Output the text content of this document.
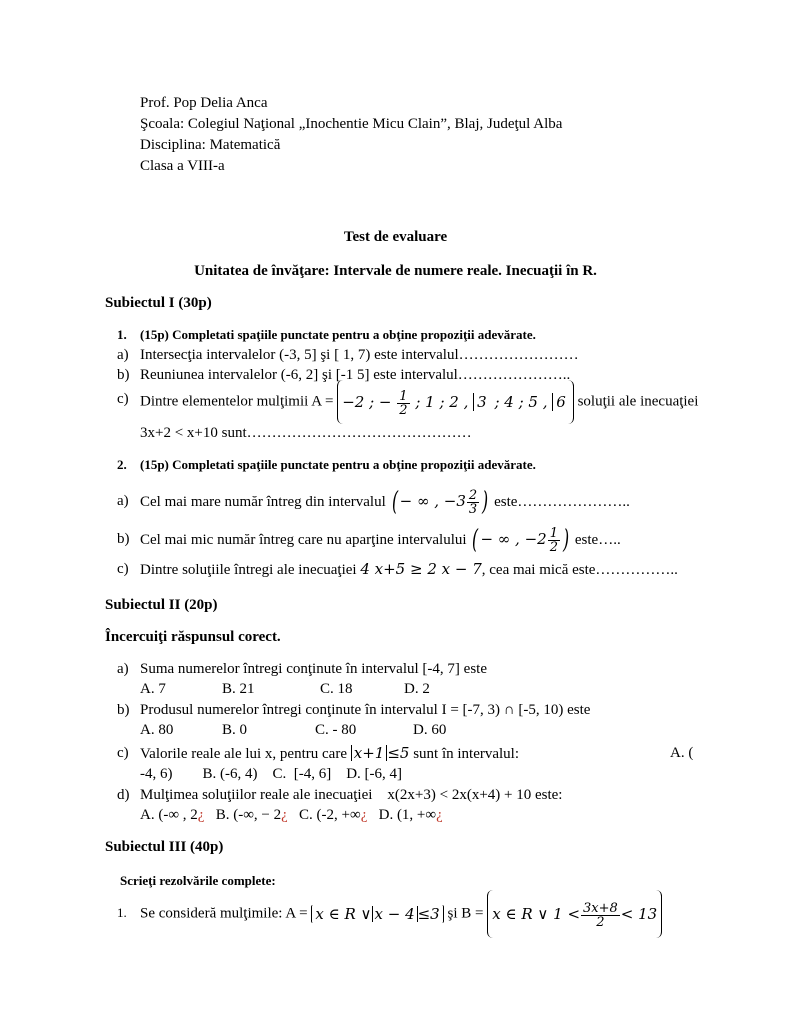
Prof. Pop Delia Anca
Şcoala: Colegiul Naţional „Inochentie Micu Clain”, Blaj, Judeţul Alba
Disciplina: Matematică
Clasa a VIII-a
Test de evaluare
Unitatea de învăţare: Intervale de numere reale. Inecuaţii în R.
Subiectul I (30p)
1. (15p) Completati spaţiile punctate pentru a obţine propoziţii adevărate.
a) Intersecţia intervalelor (-3, 5] şi [ 1, 7) este intervalul……………………
b) Reuniunea intervalelor (-6, 2] şi [-1 5] este intervalul…………………..
c) Dintre elementelor mulţimii A = −2 ; − $\frac{1}{2}$ ; 1 ; 2 , 3 ; 4 ; 5 , 6 soluţii ale inecuaţiei
3x+2 < x+10 sunt………………………………………
2. (15p) Completati spaţiile punctate pentru a obţine propoziţii adevărate.
a) Cel mai mare număr întreg din intervalul ( − ∞ , $-3 \frac{2}{3}$ ) este…………………..
b) Cel mai mic număr întreg care nu aparţine intervalului ( − ∞ , $-2 \frac{1}{2}$ ) este…..
c) Dintre soluţiile întregi ale inecuaţiei 4 x+5 ≥ 2 x − 7, cea mai mică este……………..
Subiectul II (20p)
Încercuiţi răspunsul corect.
a) Suma numerelor întregi conţinute în intervalul [-4, 7] este
A. 7	B. 21	C. 18	D. 2
b) Produsul numerelor întregi conţinute în intervalul I = [-7, 3) ∩ [-5, 10) este
A. 80	B. 0	C. - 80	D. 60
c) Valorile reale ale lui x, pentru care x+1 ≤5 sunt în intervalul:	A. (
-4, 6)        B. (-6, 4)    C.  [-4, 6]    D. [-6, 4]
d) Mulţimea soluţiilor reale ale inecuaţiei    x(2x+3) < 2x(x+4) + 10 este:
A. (-∞ , 2¿ B. (-∞, − 2¿ C. (-2, +∞¿ D. (1, +∞¿
Subiectul III (40p)
Scrieţi rezolvările complete:
1. Se consideră mulţimile: A = x ∈ R ∨ x − 4 ≤3 şi B = x ∈ R ∨ $1 < \frac{3x+8}{2} < 13$
